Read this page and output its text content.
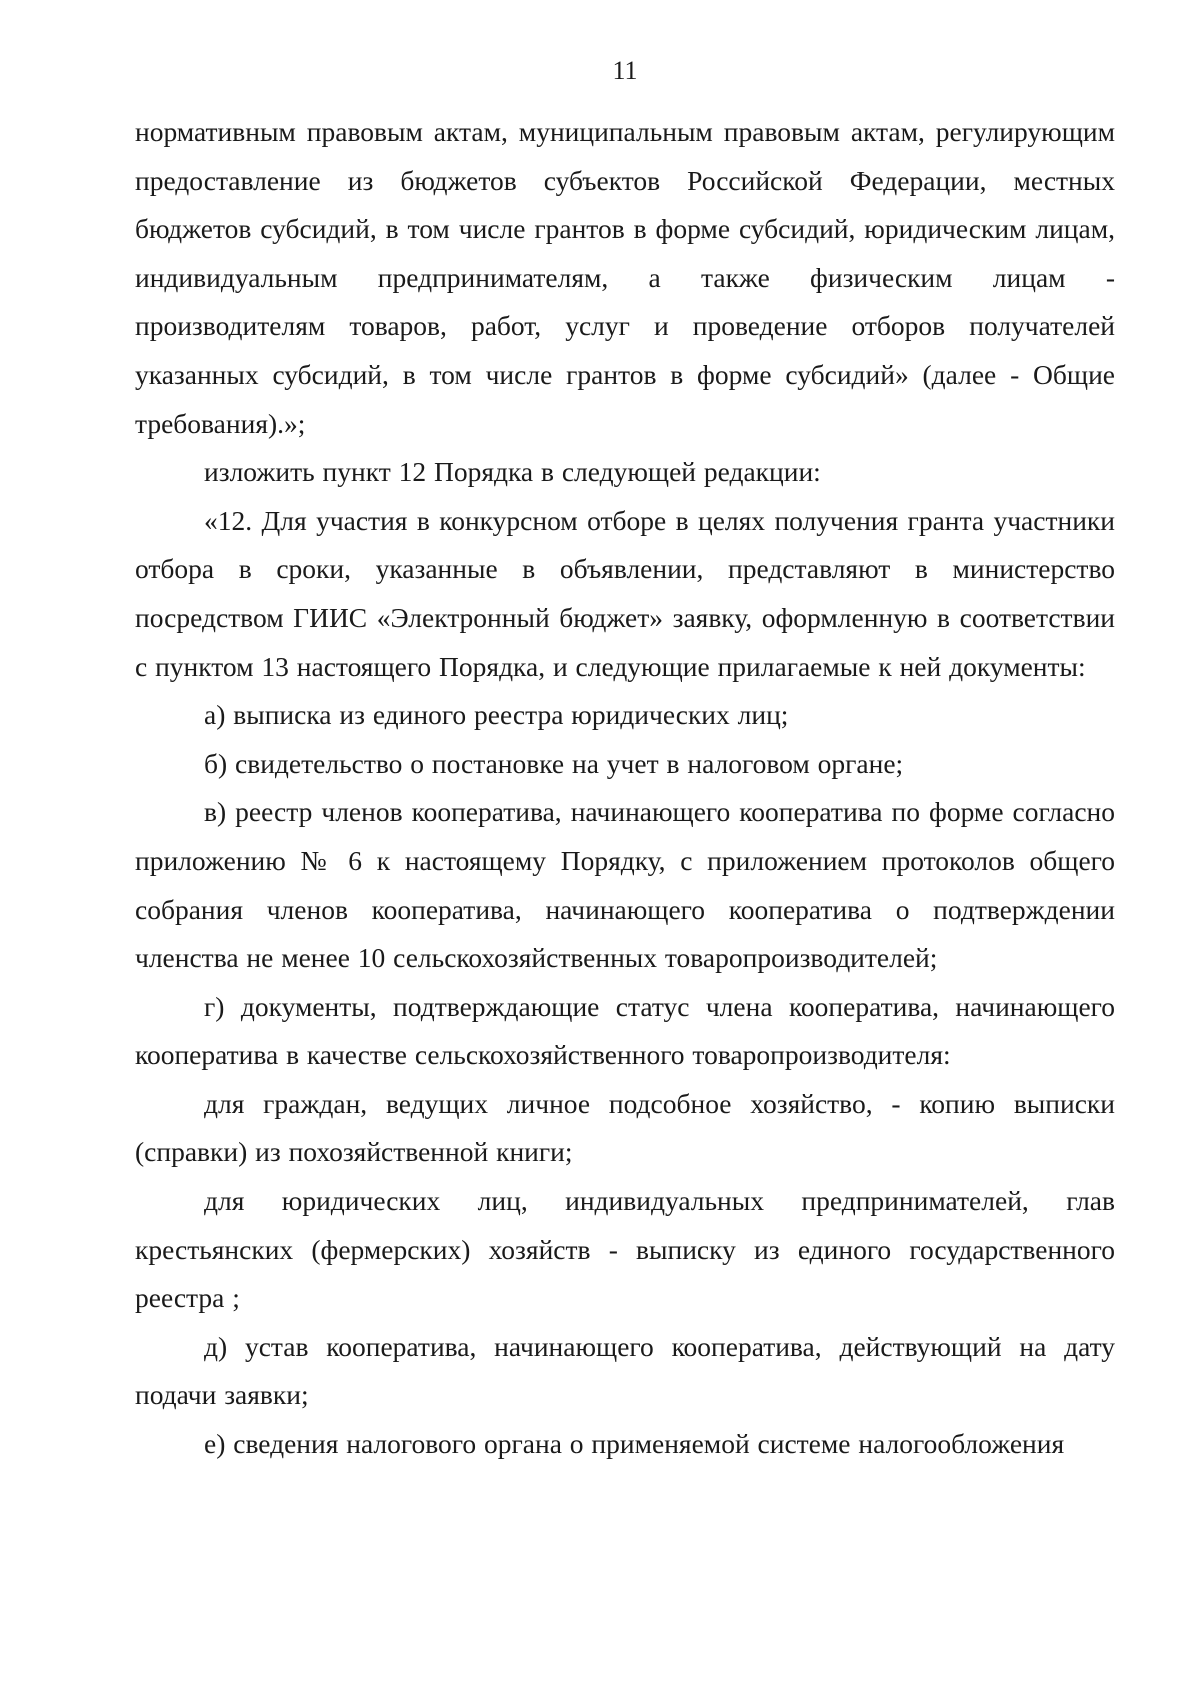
11

нормативным правовым актам, муниципальным правовым актам, регулирующим предоставление из бюджетов субъектов Российской Федерации, местных бюджетов субсидий, в том числе грантов в форме субсидий, юридическим лицам, индивидуальным предпринимателям, а также физическим лицам - производителям товаров, работ, услуг и проведение отборов получателей указанных субсидий, в том числе грантов в форме субсидий» (далее - Общие требования).»;

изложить пункт 12 Порядка в следующей редакции:

«12. Для участия в конкурсном отборе в целях получения гранта участники отбора в сроки, указанные в объявлении, представляют в министерство посредством ГИИС «Электронный бюджет» заявку, оформленную в соответствии с пунктом 13 настоящего Порядка, и следующие прилагаемые к ней документы:

а) выписка из единого реестра юридических лиц;

б) свидетельство о постановке на учет в налоговом органе;

в) реестр членов кооператива, начинающего кооператива по форме согласно приложению № 6 к настоящему Порядку, с приложением протоколов общего собрания членов кооператива, начинающего кооператива о подтверждении членства не менее 10 сельскохозяйственных товаропроизводителей;

г) документы, подтверждающие статус члена кооператива, начинающего кооператива в качестве сельскохозяйственного товаропроизводителя:

для граждан, ведущих личное подсобное хозяйство, - копию выписки (справки) из похозяйственной книги;

для юридических лиц, индивидуальных предпринимателей, глав крестьянских (фермерских) хозяйств - выписку из единого государственного реестра ;

д) устав кооператива, начинающего кооператива, действующий на дату подачи заявки;

е) сведения налогового органа о применяемой системе налогообложения
